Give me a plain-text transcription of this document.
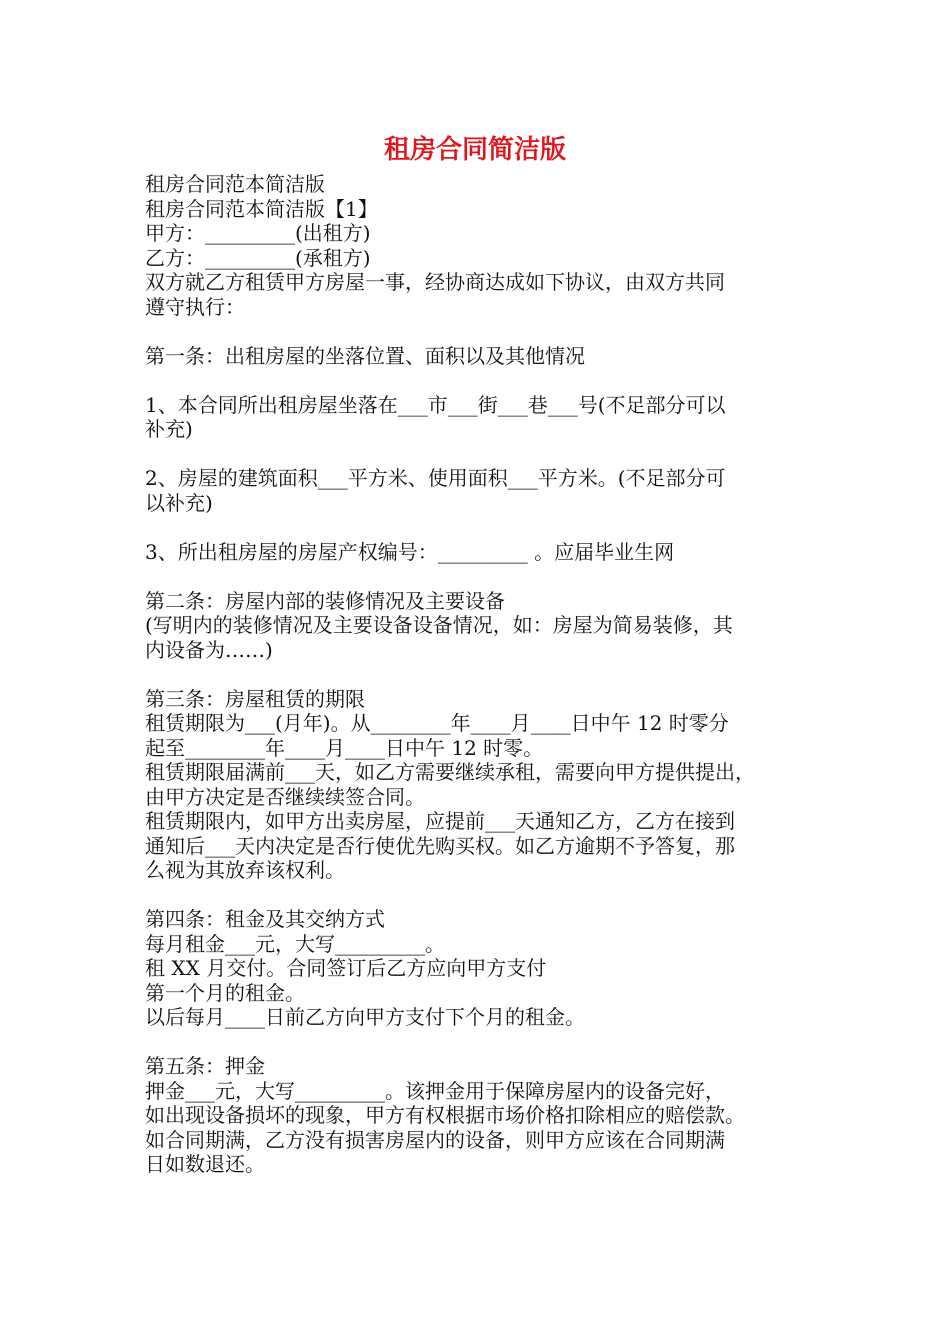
租房合同简洁版
租房合同范本简洁版
租房合同范本简洁版【1】
甲方：_________(出租方)
乙方：_________(承租方)
双方就乙方租赁甲方房屋一事，经协商达成如下协议，由双方共同
遵守执行：
第一条：出租房屋的坐落位置、面积以及其他情况
1、本合同所出租房屋坐落在___市___街___巷___号(不足部分可以
补充)
2、房屋的建筑面积___平方米、使用面积___平方米。(不足部分可
以补充)
3、所出租房屋的房屋产权编号：_________ 。应届毕业生网
第二条：房屋内部的装修情况及主要设备
(写明内的装修情况及主要设备设备情况，如：房屋为简易装修，其
内设备为……)
第三条：房屋租赁的期限
租赁期限为___(月年)。从________年____月____日中午 12 时零分
起至________年____月____日中午 12 时零。
租赁期限届满前___天，如乙方需要继续承租，需要向甲方提供提出，
由甲方决定是否继续续签合同。
租赁期限内，如甲方出卖房屋，应提前___天通知乙方，乙方在接到
通知后___天内决定是否行使优先购买权。如乙方逾期不予答复，那
么视为其放弃该权利。
第四条：租金及其交纳方式
每月租金___元，大写_________。
租 XX 月交付。合同签订后乙方应向甲方支付
第一个月的租金。
以后每月____日前乙方向甲方支付下个月的租金。
第五条：押金
押金___元，大写_________。该押金用于保障房屋内的设备完好，
如出现设备损坏的现象，甲方有权根据市场价格扣除相应的赔偿款。
如合同期满，乙方没有损害房屋内的设备，则甲方应该在合同期满
日如数退还。
